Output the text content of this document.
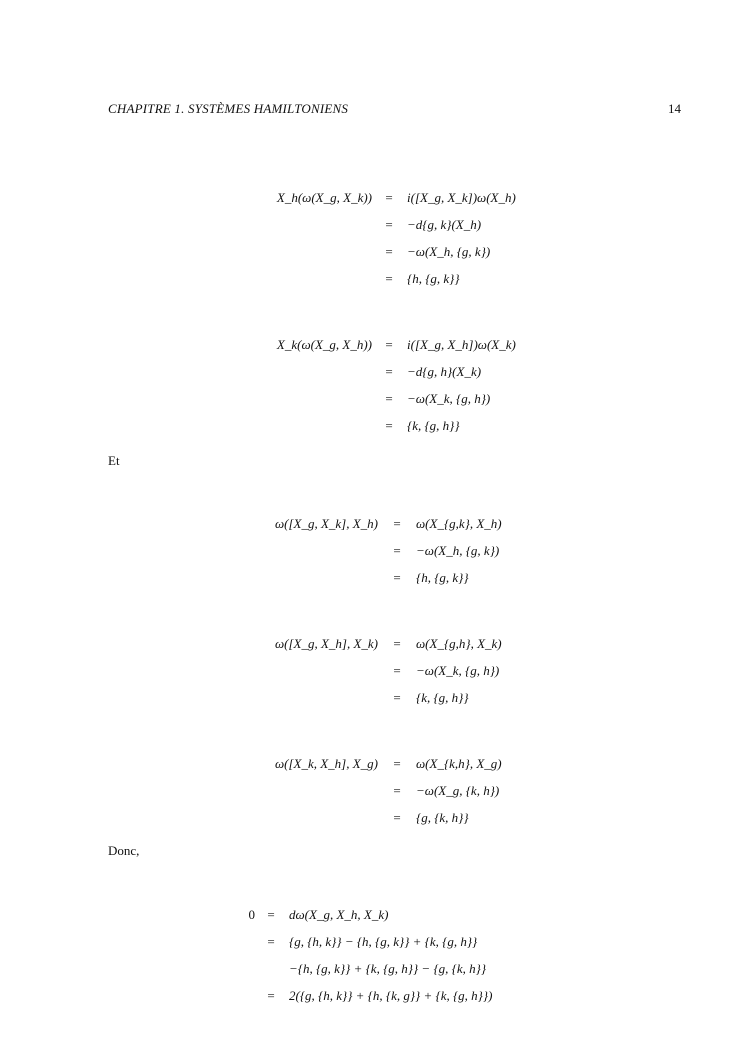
CHAPITRE 1. SYSTÈMES HAMILTONIENS	14
X_h(ω(X_g, X_k)) = i([X_g, X_k])ω(X_h)
= −d{g, k}(X_h)
= −ω(X_h, {g, k})
= {h, {g, k}}
X_k(ω(X_g, X_h)) = i([X_g, X_h])ω(X_k)
= −d{g, h}(X_k)
= −ω(X_k, {g, h})
= {k, {g, h}}
Et
ω([X_g, X_k], X_h) = ω(X_{g,k}, X_h)
= −ω(X_h, {g, k})
= {h, {g, k}}
ω([X_g, X_h], X_k) = ω(X_{g,h}, X_k)
= −ω(X_k, {g, h})
= {k, {g, h}}
ω([X_k, X_h], X_g) = ω(X_{k,h}, X_g)
= −ω(X_g, {k, h})
= {g, {k, h}}
Donc,
0 = dω(X_g, X_h, X_k)
= {g, {h, k}} − {h, {g, k}} + {k, {g, h}}
−{h, {g, k}} + {k, {g, h}} − {g, {k, h}}
= 2({g, {h, k}} + {h, {k, g}} + {k, {g, h}})
